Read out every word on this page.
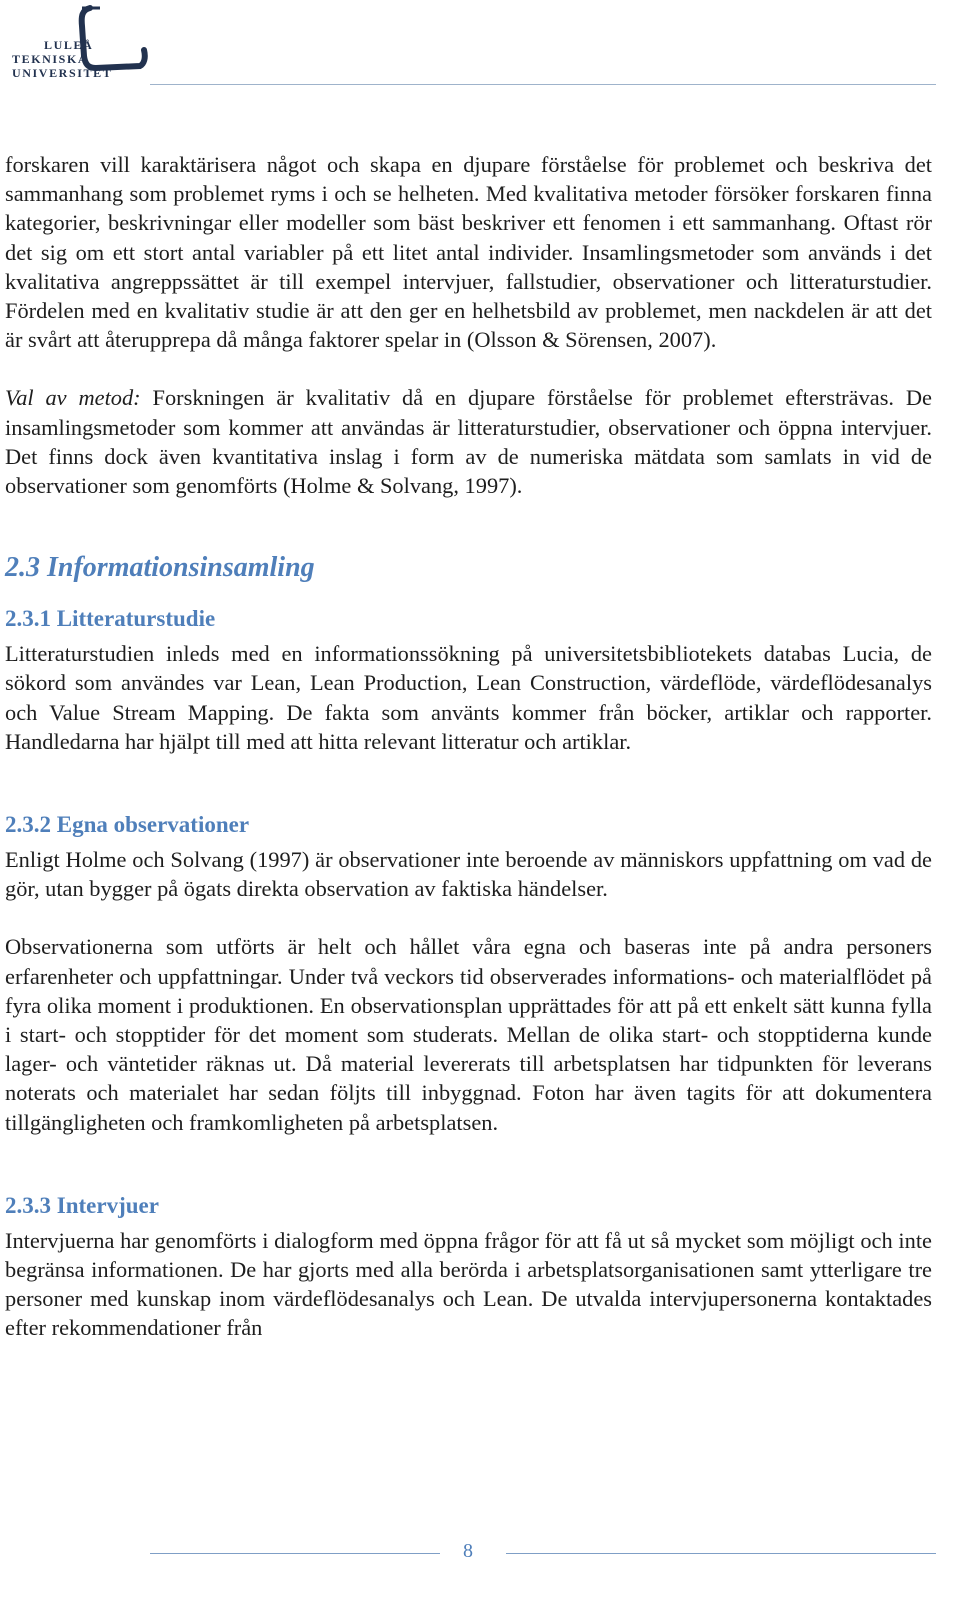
LULEÅ
TEKNISKA
UNIVERSITET

forskaren vill karaktärisera något och skapa en djupare förståelse för problemet och beskriva det sammanhang som problemet ryms i och se helheten. Med kvalitativa metoder försöker forskaren finna kategorier, beskrivningar eller modeller som bäst beskriver ett fenomen i ett sammanhang. Oftast rör det sig om ett stort antal variabler på ett litet antal individer. Insamlingsmetoder som används i det kvalitativa angreppssättet är till exempel intervjuer, fallstudier, observationer och litteraturstudier. Fördelen med en kvalitativ studie är att den ger en helhetsbild av problemet, men nackdelen är att det är svårt att återupprepa då många faktorer spelar in (Olsson & Sörensen, 2007).

Val av metod: Forskningen är kvalitativ då en djupare förståelse för problemet eftersträvas. De insamlingsmetoder som kommer att användas är litteraturstudier, observationer och öppna intervjuer. Det finns dock även kvantitativa inslag i form av de numeriska mätdata som samlats in vid de observationer som genomförts (Holme & Solvang, 1997).

2.3 Informationsinsamling
2.3.1 Litteraturstudie

Litteraturstudien inleds med en informationssökning på universitetsbibliotekets databas Lucia, de sökord som användes var Lean, Lean Production, Lean Construction, värdeflöde, värdeflödesanalys och Value Stream Mapping. De fakta som använts kommer från böcker, artiklar och rapporter. Handledarna har hjälpt till med att hitta relevant litteratur och artiklar.

2.3.2 Egna observationer

Enligt Holme och Solvang (1997) är observationer inte beroende av människors uppfattning om vad de gör, utan bygger på ögats direkta observation av faktiska händelser.

Observationerna som utförts är helt och hållet våra egna och baseras inte på andra personers erfarenheter och uppfattningar. Under två veckors tid observerades informations- och materialflödet på fyra olika moment i produktionen. En observationsplan upprättades för att på ett enkelt sätt kunna fylla i start- och stopptider för det moment som studerats. Mellan de olika start- och stopptiderna kunde lager- och väntetider räknas ut. Då material levererats till arbetsplatsen har tidpunkten för leverans noterats och materialet har sedan följts till inbyggnad. Foton har även tagits för att dokumentera tillgängligheten och framkomligheten på arbetsplatsen.

2.3.3 Intervjuer

Intervjuerna har genomförts i dialogform med öppna frågor för att få ut så mycket som möjligt och inte begränsa informationen. De har gjorts med alla berörda i arbetsplatsorganisationen samt ytterligare tre personer med kunskap inom värdeflödesanalys och Lean. De utvalda intervjupersonerna kontaktades efter rekommendationer från

8
